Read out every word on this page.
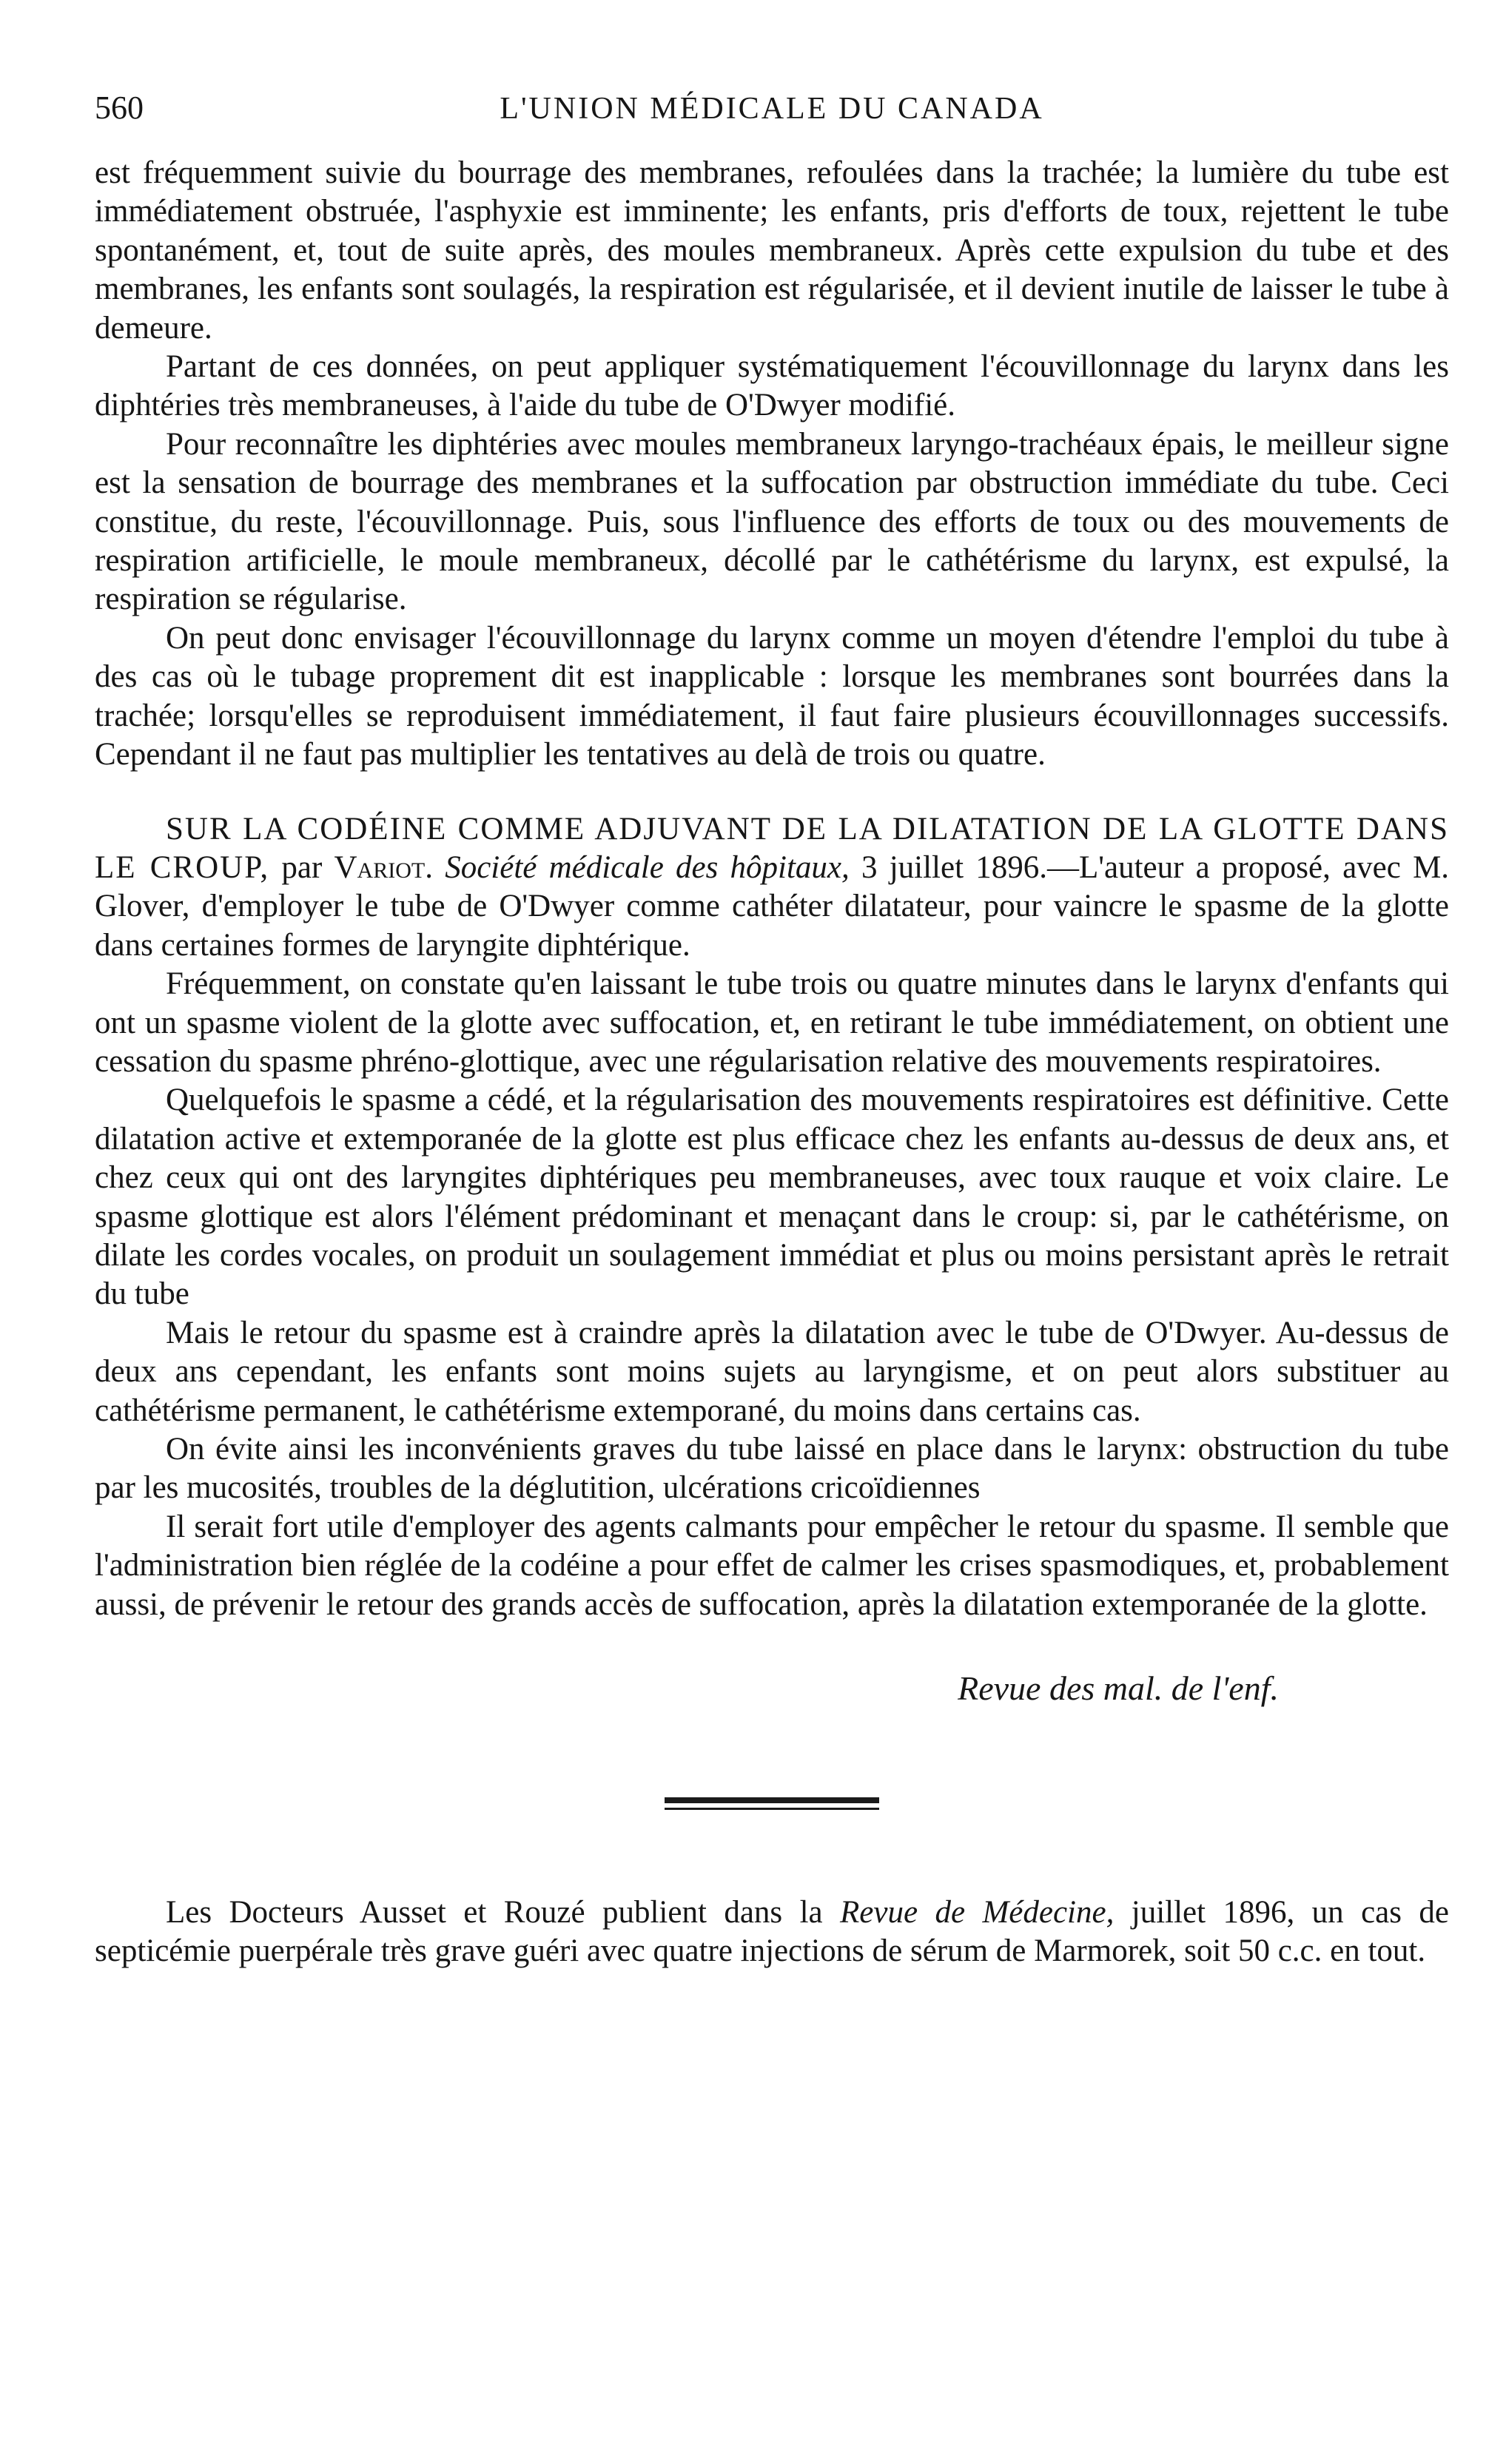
560	L'UNION MÉDICALE DU CANADA

est fréquemment suivie du bourrage des membranes, refoulées dans la trachée; la lumière du tube est immédiatement obstruée, l'asphyxie est imminente; les enfants, pris d'efforts de toux, rejettent le tube spontanément, et, tout de suite après, des moules membraneux. Après cette expulsion du tube et des membranes, les enfants sont soulagés, la respiration est régularisée, et il devient inutile de laisser le tube à demeure.

Partant de ces données, on peut appliquer systématiquement l'écouvillonnage du larynx dans les diphtéries très membraneuses, à l'aide du tube de O'Dwyer modifié.

Pour reconnaître les diphtéries avec moules membraneux laryngo-trachéaux épais, le meilleur signe est la sensation de bourrage des membranes et la suffocation par obstruction immédiate du tube. Ceci constitue, du reste, l'écouvillonnage. Puis, sous l'influence des efforts de toux ou des mouvements de respiration artificielle, le moule membraneux, décollé par le cathétérisme du larynx, est expulsé, la respiration se régularise.

On peut donc envisager l'écouvillonnage du larynx comme un moyen d'étendre l'emploi du tube à des cas où le tubage proprement dit est inapplicable : lorsque les membranes sont bourrées dans la trachée; lorsqu'elles se reproduisent immédiatement, il faut faire plusieurs écouvillonnages successifs. Cependant il ne faut pas multiplier les tentatives au delà de trois ou quatre.

SUR LA CODÉINE COMME ADJUVANT DE LA DILATATION DE LA GLOTTE DANS LE CROUP, par Variot. Société médicale des hôpitaux, 3 juillet 1896.—L'auteur a proposé, avec M. Glover, d'employer le tube de O'Dwyer comme cathéter dilatateur, pour vaincre le spasme de la glotte dans certaines formes de laryngite diphtérique.

Fréquemment, on constate qu'en laissant le tube trois ou quatre minutes dans le larynx d'enfants qui ont un spasme violent de la glotte avec suffocation, et, en retirant le tube immédiatement, on obtient une cessation du spasme phréno-glottique, avec une régularisation relative des mouvements respiratoires.

Quelquefois le spasme a cédé, et la régularisation des mouvements respiratoires est définitive. Cette dilatation active et extemporanée de la glotte est plus efficace chez les enfants au-dessus de deux ans, et chez ceux qui ont des laryngites diphtériques peu membraneuses, avec toux rauque et voix claire. Le spasme glottique est alors l'élément prédominant et menaçant dans le croup: si, par le cathétérisme, on dilate les cordes vocales, on produit un soulagement immédiat et plus ou moins persistant après le retrait du tube

Mais le retour du spasme est à craindre après la dilatation avec le tube de O'Dwyer. Au-dessus de deux ans cependant, les enfants sont moins sujets au laryngisme, et on peut alors substituer au cathétérisme permanent, le cathétérisme extemporané, du moins dans certains cas.

On évite ainsi les inconvénients graves du tube laissé en place dans le larynx: obstruction du tube par les mucosités, troubles de la déglutition, ulcérations cricoïdiennes

Il serait fort utile d'employer des agents calmants pour empêcher le retour du spasme. Il semble que l'administration bien réglée de la codéine a pour effet de calmer les crises spasmodiques, et, probablement aussi, de prévenir le retour des grands accès de suffocation, après la dilatation extemporanée de la glotte.

Revue des mal. de l'enf.

Les Docteurs Ausset et Rouzé publient dans la Revue de Médecine, juillet 1896, un cas de septicémie puerpérale très grave guéri avec quatre injections de sérum de Marmorek, soit 50 c.c. en tout.
